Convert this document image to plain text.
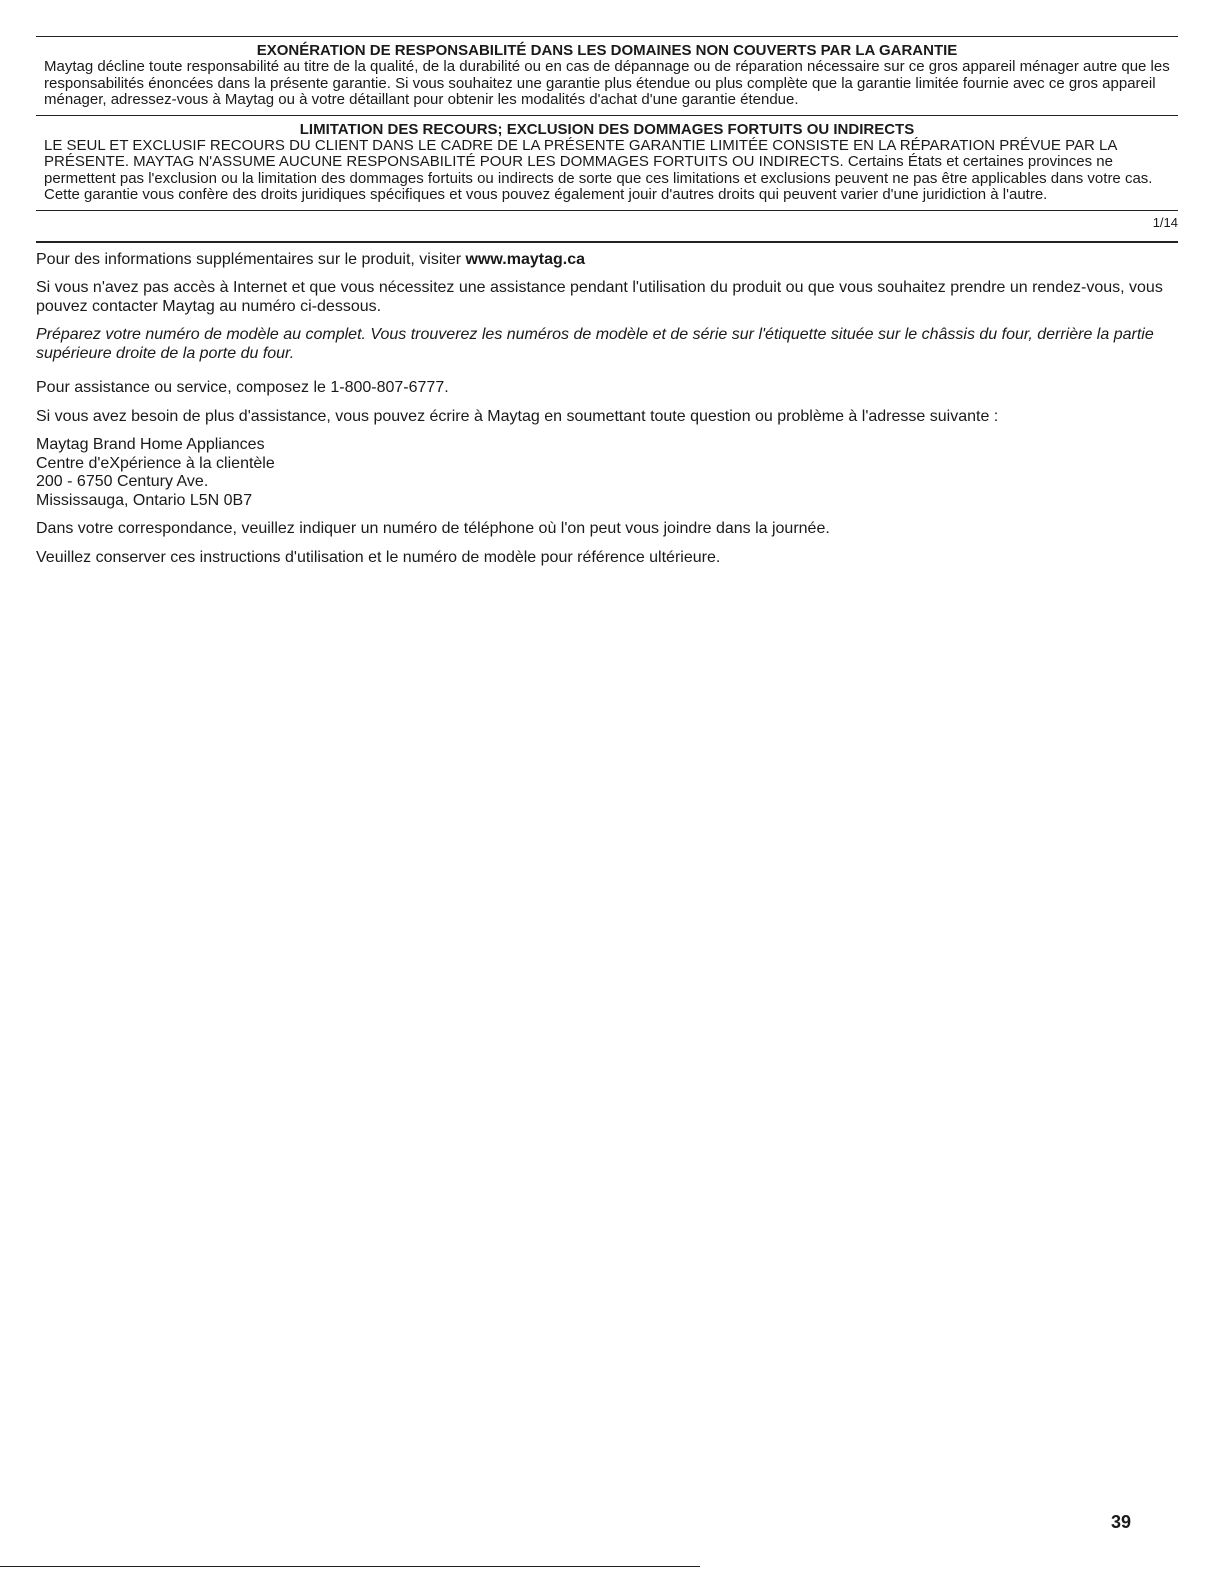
EXONÉRATION DE RESPONSABILITÉ DANS LES DOMAINES NON COUVERTS PAR LA GARANTIE

Maytag décline toute responsabilité au titre de la qualité, de la durabilité ou en cas de dépannage ou de réparation nécessaire sur ce gros appareil ménager autre que les responsabilités énoncées dans la présente garantie. Si vous souhaitez une garantie plus étendue ou plus complète que la garantie limitée fournie avec ce gros appareil ménager, adressez-vous à Maytag ou à votre détaillant pour obtenir les modalités d'achat d'une garantie étendue.

LIMITATION DES RECOURS; EXCLUSION DES DOMMAGES FORTUITS OU INDIRECTS

LE SEUL ET EXCLUSIF RECOURS DU CLIENT DANS LE CADRE DE LA PRÉSENTE GARANTIE LIMITÉE CONSISTE EN LA RÉPARATION PRÉVUE PAR LA PRÉSENTE. MAYTAG N'ASSUME AUCUNE RESPONSABILITÉ POUR LES DOMMAGES FORTUITS OU INDIRECTS. Certains États et certaines provinces ne permettent pas l'exclusion ou la limitation des dommages fortuits ou indirects de sorte que ces limitations et exclusions peuvent ne pas être applicables dans votre cas. Cette garantie vous confère des droits juridiques spécifiques et vous pouvez également jouir d'autres droits qui peuvent varier d'une juridiction à l'autre.

1/14

Pour des informations supplémentaires sur le produit, visiter www.maytag.ca

Si vous n'avez pas accès à Internet et que vous nécessitez une assistance pendant l'utilisation du produit ou que vous souhaitez prendre un rendez-vous, vous pouvez contacter Maytag au numéro ci-dessous.

Préparez votre numéro de modèle au complet. Vous trouverez les numéros de modèle et de série sur l'étiquette située sur le châssis du four, derrière la partie supérieure droite de la porte du four.

Pour assistance ou service, composez le 1-800-807-6777.

Si vous avez besoin de plus d'assistance, vous pouvez écrire à Maytag en soumettant toute question ou problème à l'adresse suivante :

Maytag Brand Home Appliances
Centre d'eXpérience à la clientèle
200 - 6750 Century Ave.
Mississauga, Ontario L5N 0B7

Dans votre correspondance, veuillez indiquer un numéro de téléphone où l'on peut vous joindre dans la journée.

Veuillez conserver ces instructions d'utilisation et le numéro de modèle pour référence ultérieure.

39
